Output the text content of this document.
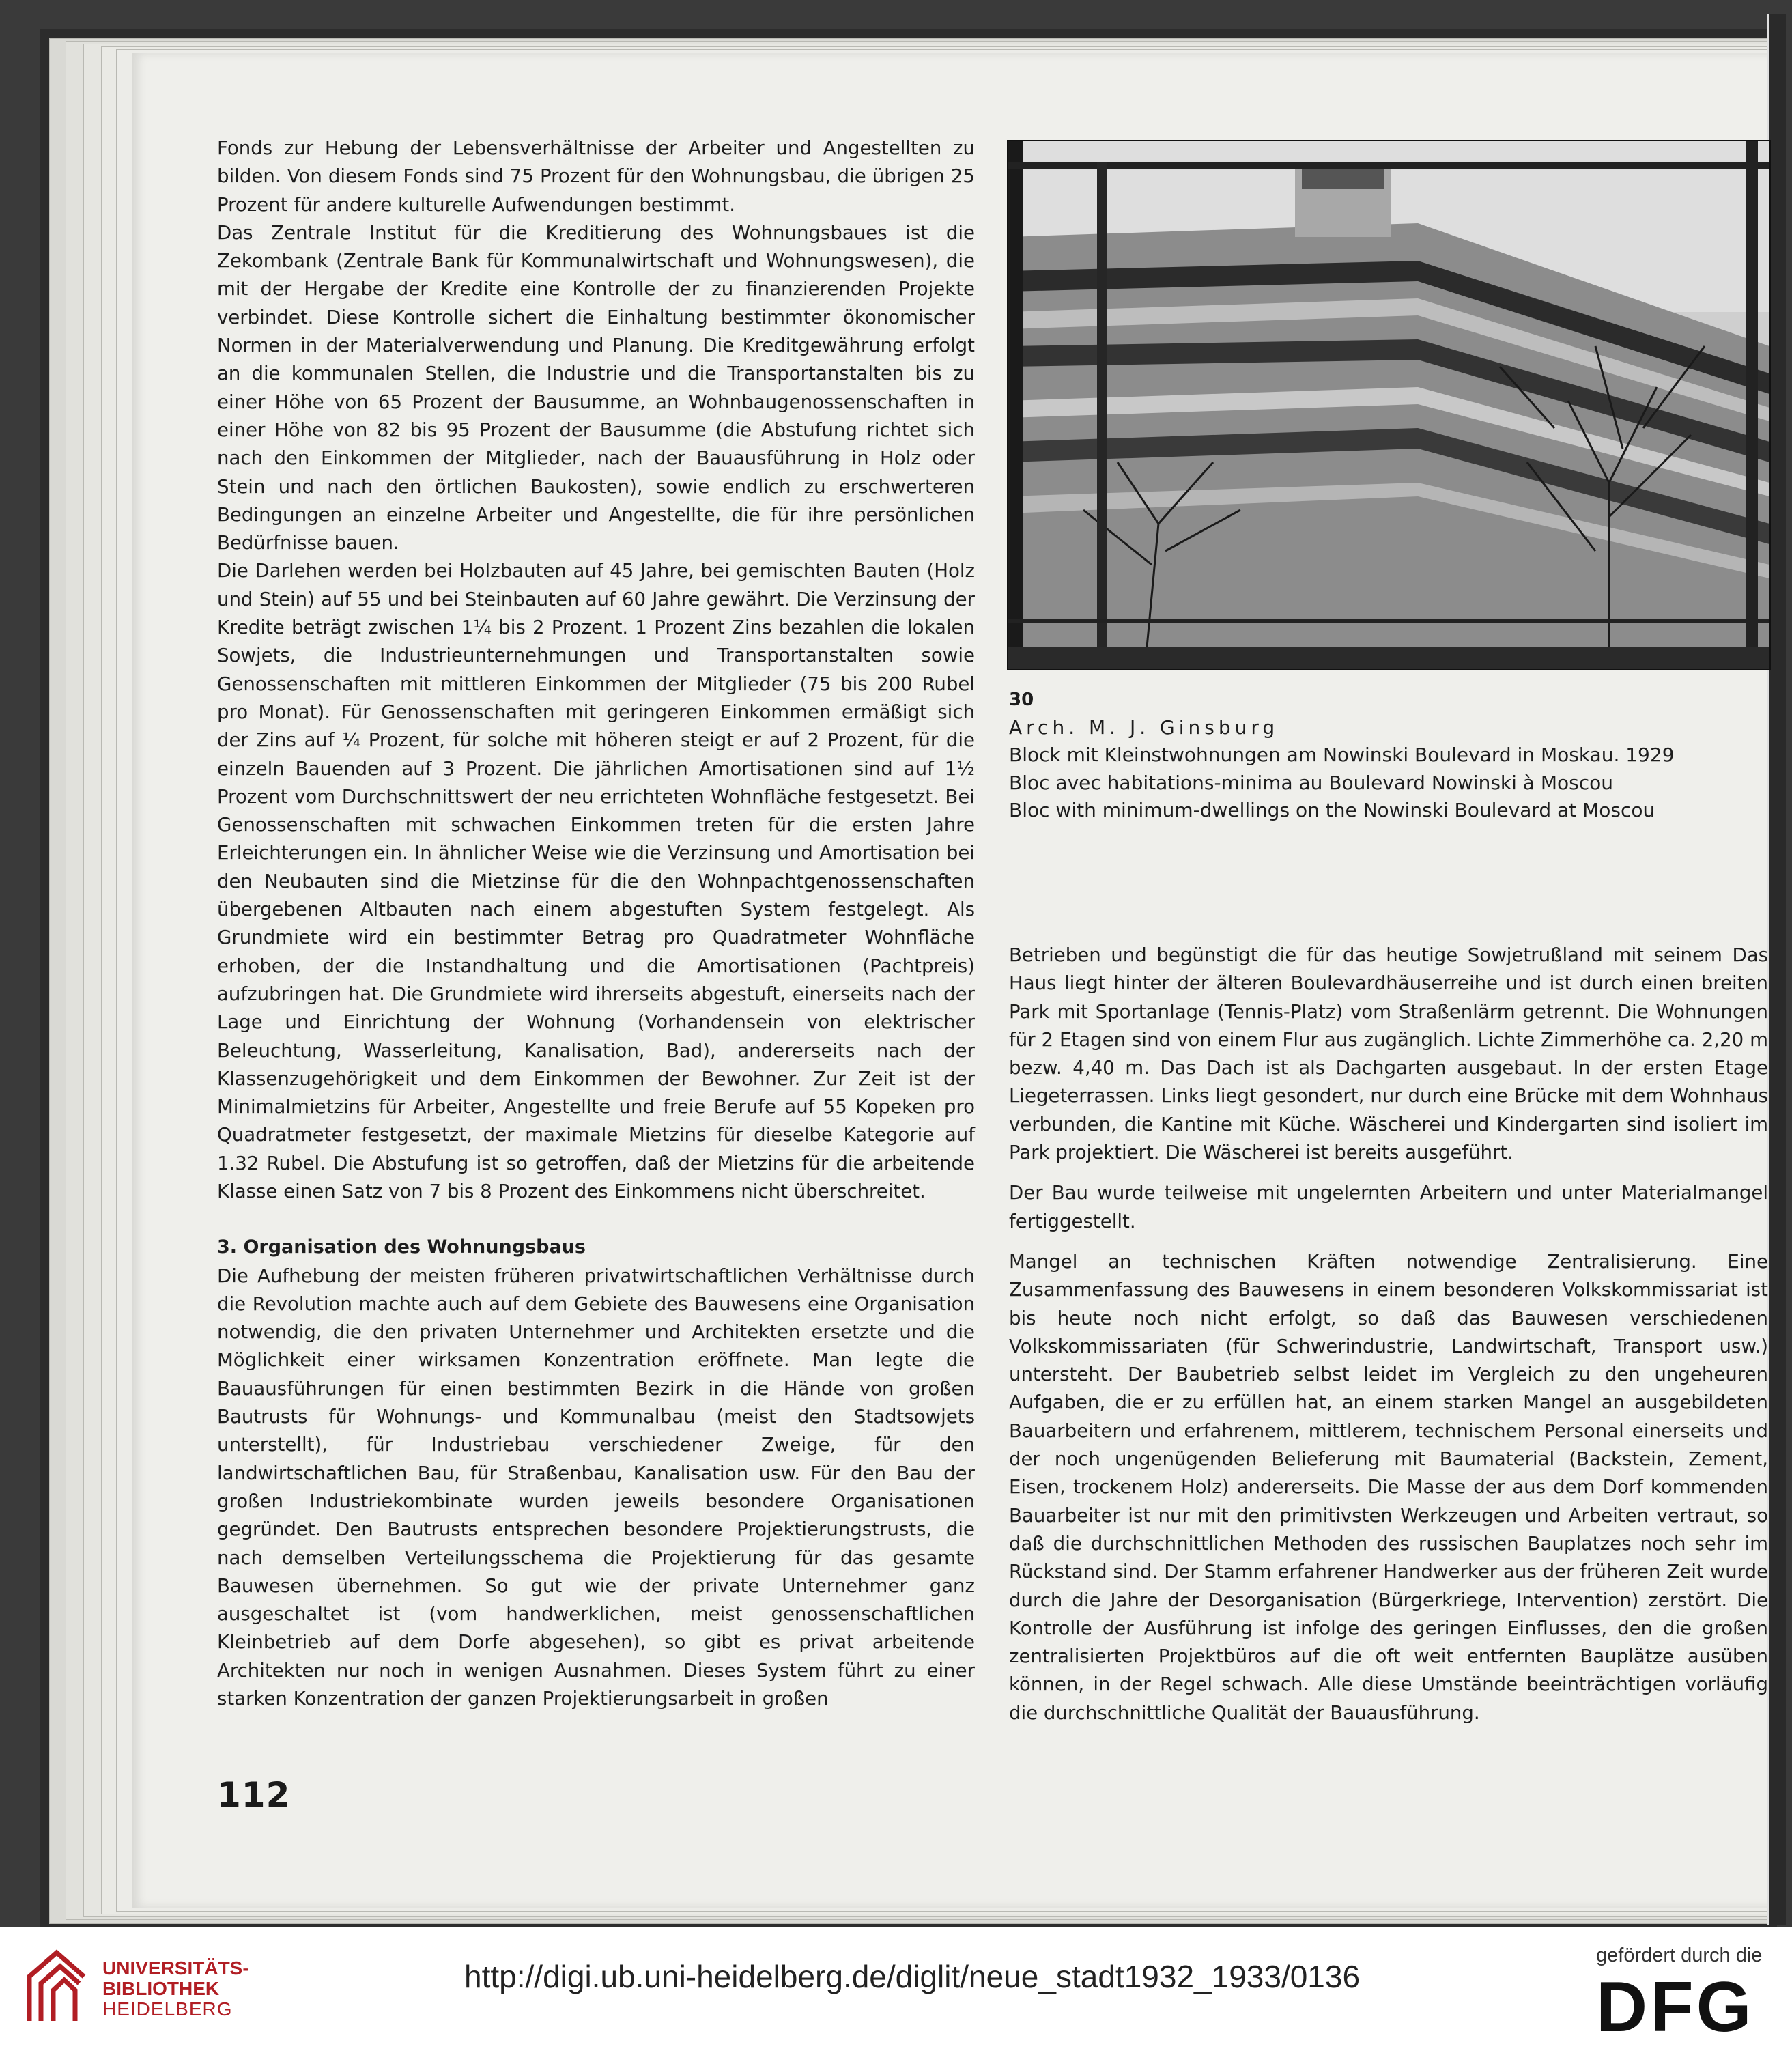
Fonds zur Hebung der Lebensverhältnisse der Arbeiter und Angestellten zu bilden. Von diesem Fonds sind 75 Prozent für den Wohnungsbau, die übrigen 25 Prozent für andere kulturelle Aufwendungen bestimmt.

Das Zentrale Institut für die Kreditierung des Wohnungsbaues ist die Zekombank (Zentrale Bank für Kommunalwirtschaft und Wohnungswesen), die mit der Hergabe der Kredite eine Kontrolle der zu finanzierenden Projekte verbindet. Diese Kontrolle sichert die Einhaltung bestimmter ökonomischer Normen in der Materialverwendung und Planung. Die Kreditgewährung erfolgt an die kommunalen Stellen, die Industrie und die Transportanstalten bis zu einer Höhe von 65 Prozent der Bausumme, an Wohnbaugenossenschaften in einer Höhe von 82 bis 95 Prozent der Bausumme (die Abstufung richtet sich nach den Einkommen der Mitglieder, nach der Bauausführung in Holz oder Stein und nach den örtlichen Baukosten), sowie endlich zu erschwerteren Bedingungen an einzelne Arbeiter und Angestellte, die für ihre persönlichen Bedürfnisse bauen.

Die Darlehen werden bei Holzbauten auf 45 Jahre, bei gemischten Bauten (Holz und Stein) auf 55 und bei Steinbauten auf 60 Jahre gewährt. Die Verzinsung der Kredite beträgt zwischen 1¼ bis 2 Prozent. 1 Prozent Zins bezahlen die lokalen Sowjets, die Industrieunternehmungen und Transportanstalten sowie Genossenschaften mit mittleren Einkommen der Mitglieder (75 bis 200 Rubel pro Monat). Für Genossenschaften mit geringeren Einkommen ermäßigt sich der Zins auf ¼ Prozent, für solche mit höheren steigt er auf 2 Prozent, für die einzeln Bauenden auf 3 Prozent. Die jährlichen Amortisationen sind auf 1½ Prozent vom Durchschnittswert der neu errichteten Wohnfläche festgesetzt. Bei Genossenschaften mit schwachen Einkommen treten für die ersten Jahre Erleichterungen ein. In ähnlicher Weise wie die Verzinsung und Amortisation bei den Neubauten sind die Mietzinse für die den Wohnpachtgenossenschaften übergebenen Altbauten nach einem abgestuften System festgelegt. Als Grundmiete wird ein bestimmter Betrag pro Quadratmeter Wohnfläche erhoben, der die Instandhaltung und die Amortisationen (Pachtpreis) aufzubringen hat. Die Grundmiete wird ihrerseits abgestuft, einerseits nach der Lage und Einrichtung der Wohnung (Vorhandensein von elektrischer Beleuchtung, Wasserleitung, Kanalisation, Bad), andererseits nach der Klassenzugehörigkeit und dem Einkommen der Bewohner. Zur Zeit ist der Minimalmietzins für Arbeiter, Angestellte und freie Berufe auf 55 Kopeken pro Quadratmeter festgesetzt, der maximale Mietzins für dieselbe Kategorie auf 1.32 Rubel. Die Abstufung ist so getroffen, daß der Mietzins für die arbeitende Klasse einen Satz von 7 bis 8 Prozent des Einkommens nicht überschreitet.

3. Organisation des Wohnungsbaus

Die Aufhebung der meisten früheren privatwirtschaftlichen Verhältnisse durch die Revolution machte auch auf dem Gebiete des Bauwesens eine Organisation notwendig, die den privaten Unternehmer und Architekten ersetzte und die Möglichkeit einer wirksamen Konzentration eröffnete. Man legte die Bauausführungen für einen bestimmten Bezirk in die Hände von großen Bautrusts für Wohnungs- und Kommunalbau (meist den Stadtsowjets unterstellt), für Industriebau verschiedener Zweige, für den landwirtschaftlichen Bau, für Straßenbau, Kanalisation usw. Für den Bau der großen Industriekombinate wurden jeweils besondere Organisationen gegründet. Den Bautrusts entsprechen besondere Projektierungstrusts, die nach demselben Verteilungsschema die Projektierung für das gesamte Bauwesen übernehmen. So gut wie der private Unternehmer ganz ausgeschaltet ist (vom handwerklichen, meist genossenschaftlichen Kleinbetrieb auf dem Dorfe abgesehen), so gibt es privat arbeitende Architekten nur noch in wenigen Ausnahmen. Dieses System führt zu einer starken Konzentration der ganzen Projektierungsarbeit in großen

30
Arch. M. J. Ginsburg
Block mit Kleinstwohnungen am Nowinski Boulevard in Moskau. 1929
Bloc avec habitations-minima au Boulevard Nowinski à Moscou
Bloc with minimum-dwellings on the Nowinski Boulevard at Moscou

Betrieben und begünstigt die für das heutige Sowjetrußland mit seinem Das Haus liegt hinter der älteren Boulevardhäuserreihe und ist durch einen breiten Park mit Sportanlage (Tennis-Platz) vom Straßenlärm getrennt. Die Wohnungen für 2 Etagen sind von einem Flur aus zugänglich. Lichte Zimmerhöhe ca. 2,20 m bezw. 4,40 m. Das Dach ist als Dachgarten ausgebaut. In der ersten Etage Liegeterrassen. Links liegt gesondert, nur durch eine Brücke mit dem Wohnhaus verbunden, die Kantine mit Küche. Wäscherei und Kindergarten sind isoliert im Park projektiert. Die Wäscherei ist bereits ausgeführt.

Der Bau wurde teilweise mit ungelernten Arbeitern und unter Materialmangel fertiggestellt.

Mangel an technischen Kräften notwendige Zentralisierung. Eine Zusammenfassung des Bauwesens in einem besonderen Volkskommissariat ist bis heute noch nicht erfolgt, so daß das Bauwesen verschiedenen Volkskommissariaten (für Schwerindustrie, Landwirtschaft, Transport usw.) untersteht. Der Baubetrieb selbst leidet im Vergleich zu den ungeheuren Aufgaben, die er zu erfüllen hat, an einem starken Mangel an ausgebildeten Bauarbeitern und erfahrenem, mittlerem, technischem Personal einerseits und der noch ungenügenden Belieferung mit Baumaterial (Backstein, Zement, Eisen, trockenem Holz) andererseits. Die Masse der aus dem Dorf kommenden Bauarbeiter ist nur mit den primitivsten Werkzeugen und Arbeiten vertraut, so daß die durchschnittlichen Methoden des russischen Bauplatzes noch sehr im Rückstand sind. Der Stamm erfahrener Handwerker aus der früheren Zeit wurde durch die Jahre der Desorganisation (Bürgerkriege, Intervention) zerstört. Die Kontrolle der Ausführung ist infolge des geringen Einflusses, den die großen zentralisierten Projektbüros auf die oft weit entfernten Bauplätze ausüben können, in der Regel schwach. Alle diese Umstände beeinträchtigen vorläufig die durchschnittliche Qualität der Bauausführung.

112
UNIVERSITÄTS-
BIBLIOTHEK
HEIDELBERG
http://digi.ub.uni-heidelberg.de/diglit/neue_stadt1932_1933/0136
gefördert durch die
DFG
